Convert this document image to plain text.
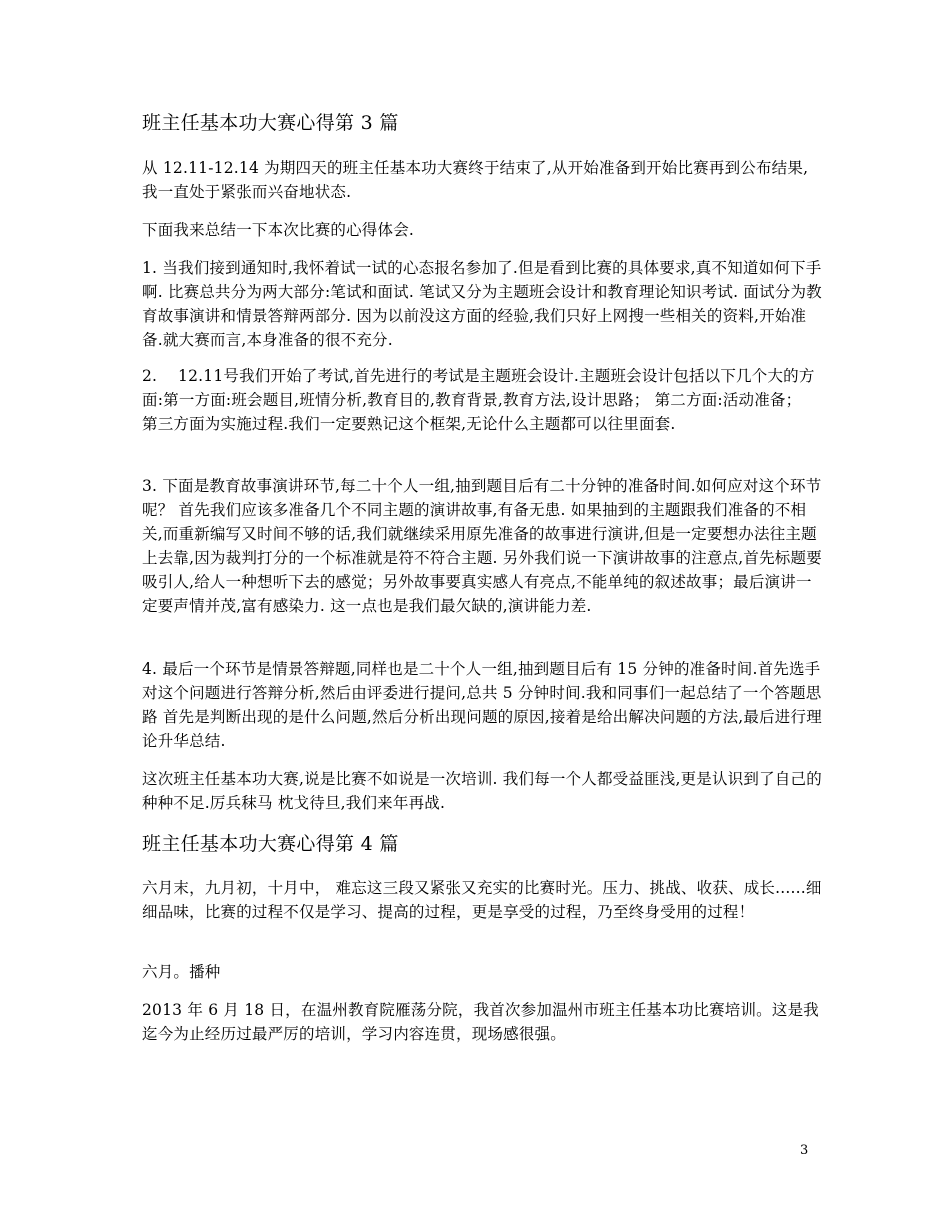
班主任基本功大赛心得第 3 篇

从 12.11-12.14 为期四天的班主任基本功大赛终于结束了,从开始准备到开始比赛再到公布结果,我一直处于紧张而兴奋地状态.

下面我来总结一下本次比赛的心得体会.

1. 当我们接到通知时,我怀着试一试的心态报名参加了.但是看到比赛的具体要求,真不知道如何下手啊. 比赛总共分为两大部分:笔试和面试. 笔试又分为主题班会设计和教育理论知识考试. 面试分为教育故事演讲和情景答辩两部分. 因为以前没这方面的经验,我们只好上网搜一些相关的资料,开始准备.就大赛而言,本身准备的很不充分.

2.　 12.11号我们开始了考试,首先进行的考试是主题班会设计.主题班会设计包括以下几个大的方面:第一方面:班会题目,班情分析,教育目的,教育背景,教育方法,设计思路； 第二方面:活动准备； 第三方面为实施过程.我们一定要熟记这个框架,无论什么主题都可以往里面套.

3. 下面是教育故事演讲环节,每二十个人一组,抽到题目后有二十分钟的准备时间.如何应对这个环节呢？ 首先我们应该多准备几个不同主题的演讲故事,有备无患. 如果抽到的主题跟我们准备的不相关,而重新编写又时间不够的话,我们就继续采用原先准备的故事进行演讲,但是一定要想办法往主题上去靠,因为裁判打分的一个标准就是符不符合主题. 另外我们说一下演讲故事的注意点,首先标题要吸引人,给人一种想听下去的感觉；另外故事要真实感人有亮点,不能单纯的叙述故事；最后演讲一定要声情并茂,富有感染力. 这一点也是我们最欠缺的,演讲能力差.

4. 最后一个环节是情景答辩题,同样也是二十个人一组,抽到题目后有 15 分钟的准备时间.首先选手对这个问题进行答辩分析,然后由评委进行提问,总共 5 分钟时间.我和同事们一起总结了一个答题思路 首先是判断出现的是什么问题,然后分析出现问题的原因,接着是给出解决问题的方法,最后进行理论升华总结.

这次班主任基本功大赛,说是比赛不如说是一次培训. 我们每一个人都受益匪浅,更是认识到了自己的种种不足.厉兵秣马 枕戈待旦,我们来年再战.

班主任基本功大赛心得第 4 篇

六月末，九月初，十月中， 难忘这三段又紧张又充实的比赛时光。压力、挑战、收获、成长......细细品味，比赛的过程不仅是学习、提高的过程，更是享受的过程，乃至终身受用的过程！

六月。播种

2013 年 6 月 18 日，在温州教育院雁荡分院，我首次参加温州市班主任基本功比赛培训。这是我迄今为止经历过最严厉的培训，学习内容连贯，现场感很强。

3
